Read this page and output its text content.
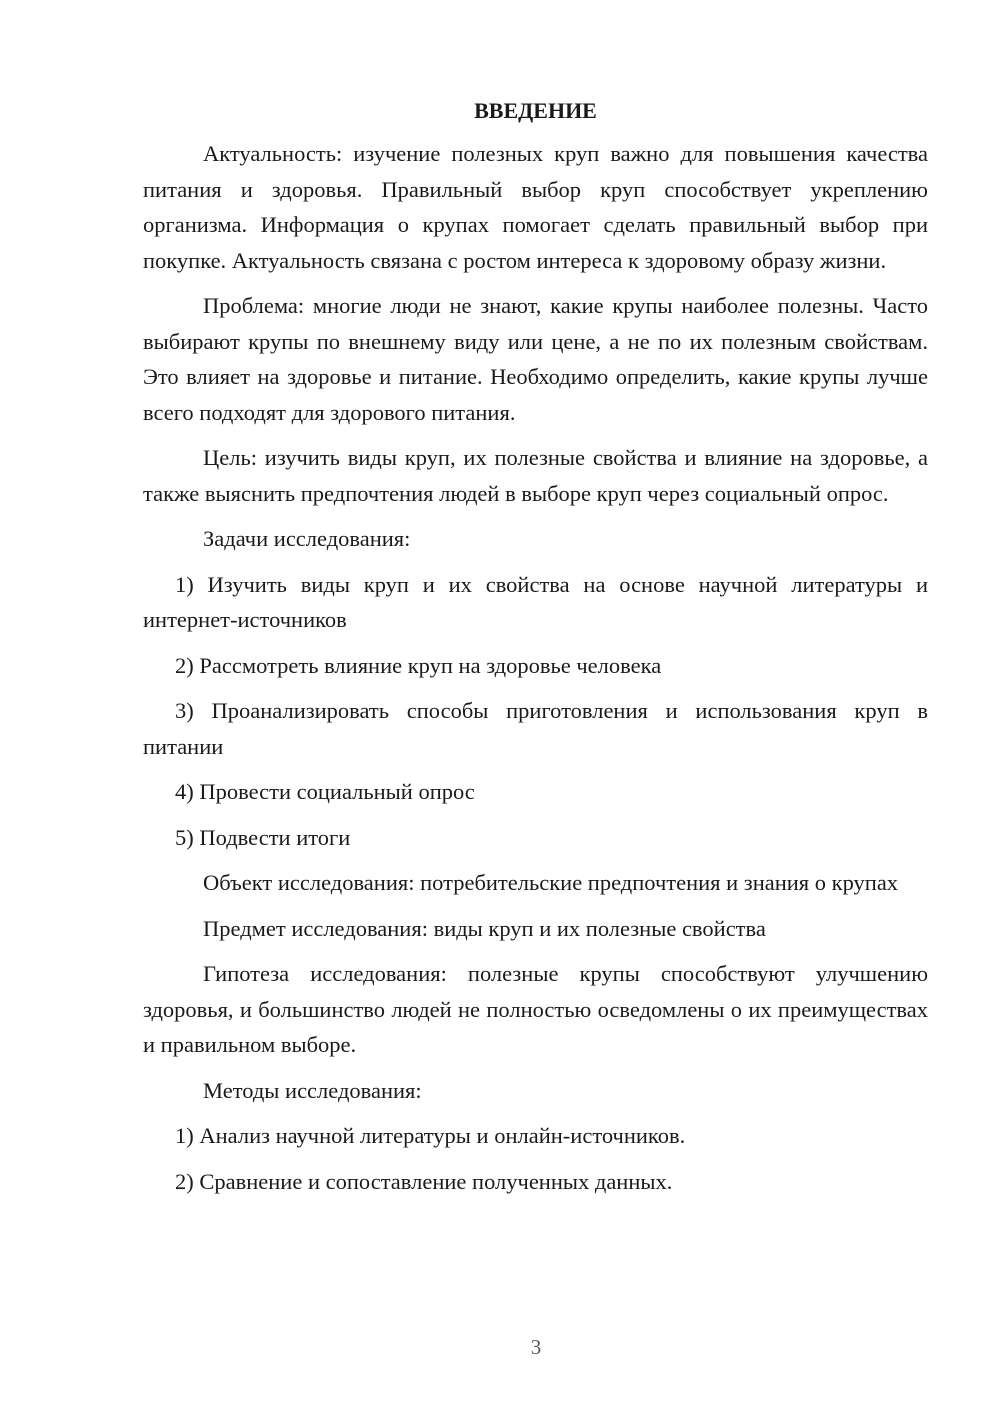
ВВЕДЕНИЕ

Актуальность: изучение полезных круп важно для повышения качества питания и здоровья. Правильный выбор круп способствует укреплению организма. Информация о крупах помогает сделать правильный выбор при покупке. Актуальность связана с ростом интереса к здоровому образу жизни.

Проблема: многие люди не знают, какие крупы наиболее полезны. Часто выбирают крупы по внешнему виду или цене, а не по их полезным свойствам. Это влияет на здоровье и питание. Необходимо определить, какие крупы лучше всего подходят для здорового питания.

Цель: изучить виды круп, их полезные свойства и влияние на здоровье, а также выяснить предпочтения людей в выборе круп через социальный опрос.

Задачи исследования:

1) Изучить виды круп и их свойства на основе научной литературы и интернет-источников

2) Рассмотреть влияние круп на здоровье человека

3) Проанализировать способы приготовления и использования круп в питании

4) Провести социальный опрос

5) Подвести итоги

Объект исследования: потребительские предпочтения и знания о крупах

Предмет исследования: виды круп и их полезные свойства

Гипотеза исследования: полезные крупы способствуют улучшению здоровья, и большинство людей не полностью осведомлены о их преимуществах и правильном выборе.

Методы исследования:

1) Анализ научной литературы и онлайн-источников.

2) Сравнение и сопоставление полученных данных.

3
